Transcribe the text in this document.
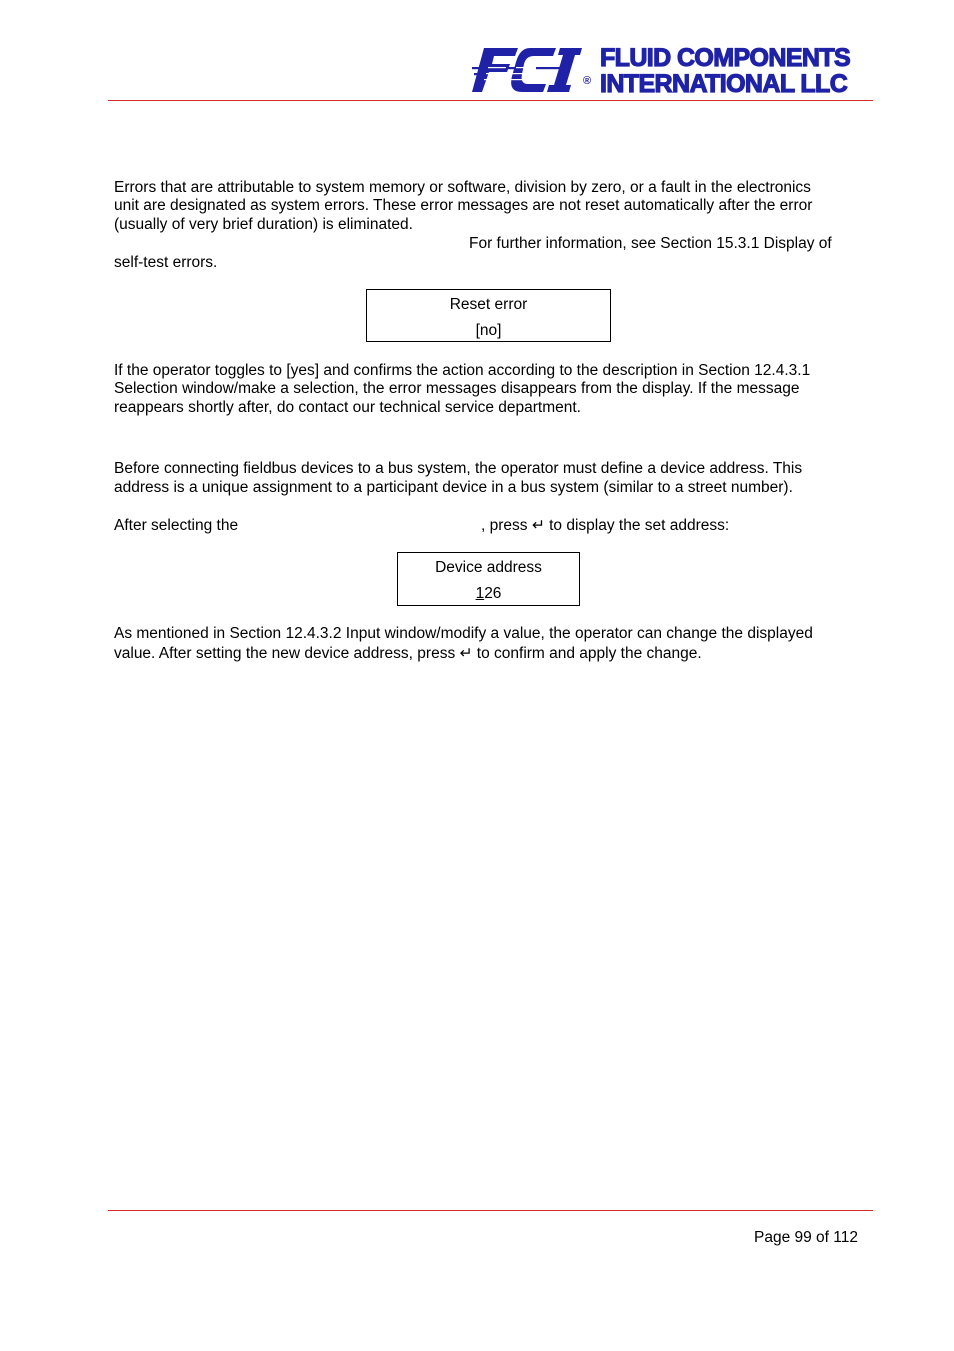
®
FLUID COMPONENTS
INTERNATIONAL LLC
Errors that are attributable to system memory or software, division by zero, or a fault in the electronics
unit are designated as system errors. These error messages are not reset automatically after the error
(usually of very brief duration) is eliminated.
For further information, see Section 15.3.1 Display of
self-test errors.
Reset error
[no]
If the operator toggles to [yes] and confirms the action according to the description in Section 12.4.3.1
Selection window/make a selection, the error messages disappears from the display. If the message
reappears shortly after, do contact our technical service department.
Before connecting fieldbus devices to a bus system, the operator must define a device address. This
address is a unique assignment to a participant device in a bus system (similar to a street number).
After selecting the	, press ↵ to display the set address:
Device address
126
As mentioned in Section 12.4.3.2 Input window/modify a value, the operator can change the displayed
value. After setting the new device address, press ↵ to confirm and apply the change.
Page 99 of 112
